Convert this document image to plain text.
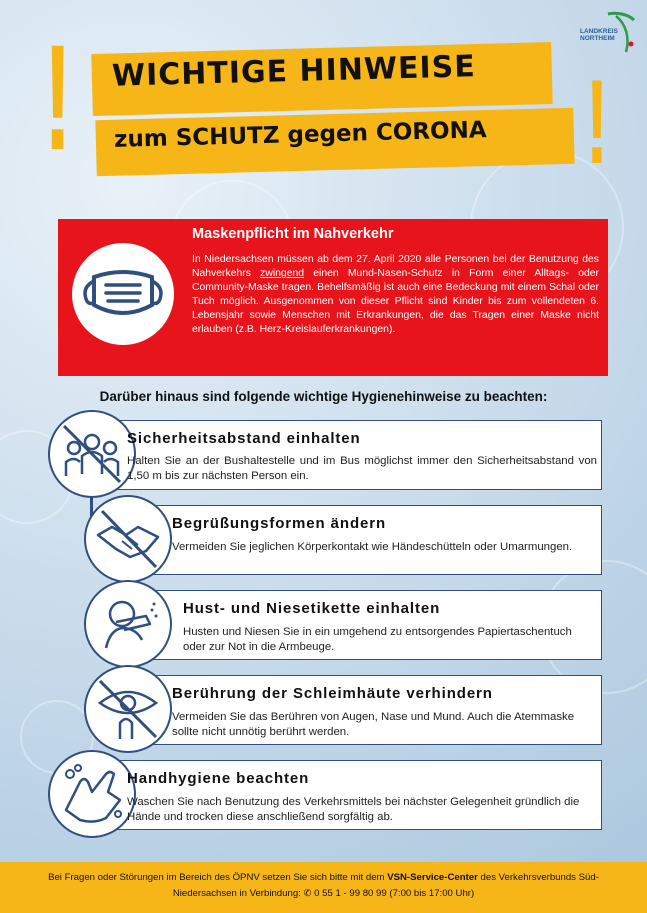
!	!
WICHTIGE HINWEISE
zum SCHUTZ gegen CORONA
LANDKREIS
NORTHEIM
Maskenpflicht im Nahverkehr
In Niedersachsen müssen ab dem 27. April 2020 alle Personen bei der Benutzung des Nahverkehrs zwingend einen Mund-Nasen-Schutz in Form einer Alltags- oder Community-Maske tragen. Behelfsmäßig ist auch eine Bedeckung mit einem Schal oder Tuch möglich. Ausgenommen von dieser Pflicht sind Kinder bis zum vollendeten 6. Lebensjahr sowie Menschen mit Erkrankungen, die das Tragen einer Maske nicht erlauben (z.B. Herz-Kreislauferkrankungen).
Darüber hinaus sind folgende wichtige Hygienehinweise zu beachten:
Sicherheitsabstand einhalten
Halten Sie an der Bushaltestelle und im Bus möglichst immer den Sicherheitsabstand von 1,50 m bis zur nächsten Person ein.
Begrüßungsformen ändern
Vermeiden Sie jeglichen Körperkontakt wie Händeschütteln oder Umarmungen.
Hust- und Niesetikette einhalten
Husten und Niesen Sie in ein umgehend zu entsorgendes Papiertaschentuch oder zur Not in die Armbeuge.
Berührung der Schleimhäute verhindern
Vermeiden Sie das Berühren von Augen, Nase und Mund. Auch die Atemmaske sollte nicht unnötig berührt werden.
Handhygiene beachten
Waschen Sie nach Benutzung des Verkehrsmittels bei nächster Gelegenheit gründlich die Hände und trocken diese anschließend sorgfältig ab.
Bei Fragen oder Störungen im Bereich des ÖPNV setzen Sie sich bitte mit dem VSN-Service-Center des Verkehrsverbunds Süd-Niedersachsen in Verbindung: ✆ 0 55 1 - 99 80 99 (7:00 bis 17:00 Uhr)
